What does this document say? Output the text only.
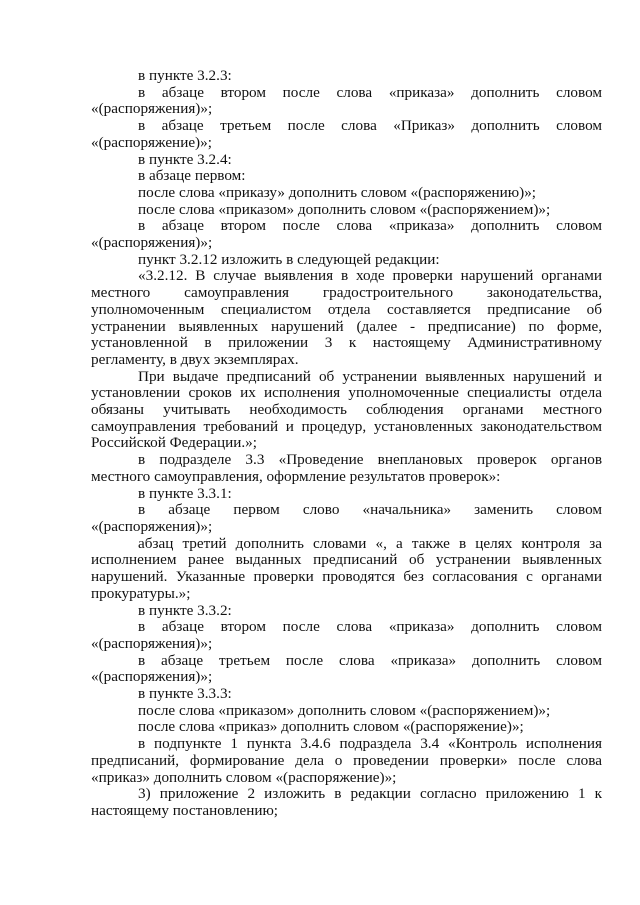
в пункте 3.2.3:

в абзаце втором после слова «приказа» дополнить словом «(распоряжения)»;

в абзаце третьем после слова «Приказ» дополнить словом «(распоряжение)»;

в пункте 3.2.4:

в абзаце первом:

после слова «приказу» дополнить словом «(распоряжению)»;

после слова «приказом» дополнить словом «(распоряжением)»;

в абзаце втором после слова «приказа» дополнить словом «(распоряжения)»;

пункт 3.2.12 изложить в следующей редакции:

«3.2.12. В случае выявления в ходе проверки нарушений органами местного самоуправления градостроительного законодательства, уполномоченным специалистом отдела составляется предписание об устранении выявленных нарушений (далее - предписание) по форме, установленной в приложении 3 к настоящему Административному регламенту, в двух экземплярах.

При выдаче предписаний об устранении выявленных нарушений и установлении сроков их исполнения уполномоченные специалисты отдела обязаны учитывать необходимость соблюдения органами местного самоуправления требований и процедур, установленных законодательством Российской Федерации.»;

в подразделе 3.3 «Проведение внеплановых проверок органов местного самоуправления, оформление результатов проверок»:

в пункте 3.3.1:

в абзаце первом слово «начальника» заменить словом «(распоряжения)»;

абзац третий дополнить словами «, а также в целях контроля за исполнением ранее выданных предписаний об устранении выявленных нарушений. Указанные проверки проводятся без согласования с органами прокуратуры.»;

в пункте 3.3.2:

в абзаце втором после слова «приказа» дополнить словом «(распоряжения)»;

в абзаце третьем после слова «приказа» дополнить словом «(распоряжения)»;

в пункте 3.3.3:

после слова «приказом» дополнить словом «(распоряжением)»;

после слова «приказ» дополнить словом «(распоряжение)»;

в подпункте 1 пункта 3.4.6 подраздела 3.4 «Контроль исполнения предписаний, формирование дела о проведении проверки» после слова «приказ» дополнить словом «(распоряжение)»;

3) приложение 2 изложить в редакции согласно приложению 1 к настоящему постановлению;
